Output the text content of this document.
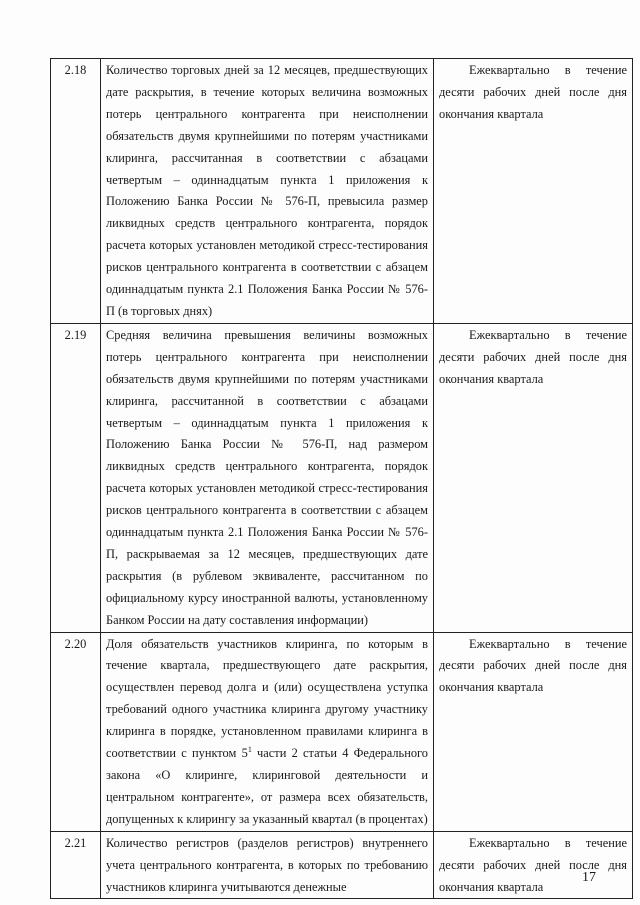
2.18	Количество торговых дней за 12 месяцев, предшествующих дате раскрытия, в течение которых величина возможных потерь центрального контрагента при неисполнении обязательств двумя крупнейшими по потерям участниками клиринга, рассчитанная в соответствии с абзацами четвертым – одиннадцатым пункта 1 приложения к Положению Банка России № 576-П, превысила размер ликвидных средств центрального контрагента, порядок расчета которых установлен методикой стресс-тестирования рисков центрального контрагента в соответствии с абзацем одиннадцатым пункта 2.1 Положения Банка России № 576-П (в торговых днях)	Ежеквартально в течение десяти рабочих дней после дня окончания квартала

2.19	Средняя величина превышения величины возможных потерь центрального контрагента при неисполнении обязательств двумя крупнейшими по потерям участниками клиринга, рассчитанной в соответствии с абзацами четвертым – одиннадцатым пункта 1 приложения к Положению Банка России № 576-П, над размером ликвидных средств центрального контрагента, порядок расчета которых установлен методикой стресс-тестирования рисков центрального контрагента в соответствии с абзацем одиннадцатым пункта 2.1 Положения Банка России № 576-П, раскрываемая за 12 месяцев, предшествующих дате раскрытия (в рублевом эквиваленте, рассчитанном по официальному курсу иностранной валюты, установленному Банком России на дату составления информации)	Ежеквартально в течение десяти рабочих дней после дня окончания квартала

2.20	Доля обязательств участников клиринга, по которым в течение квартала, предшествующего дате раскрытия, осуществлен перевод долга и (или) осуществлена уступка требований одного участника клиринга другому участнику клиринга в порядке, установленном правилами клиринга в соответствии с пунктом $5^1$ части 2 статьи 4 Федерального закона «О клиринге, клиринговой деятельности и центральном контрагенте», от размера всех обязательств, допущенных к клирингу за указанный квартал (в процентах)	Ежеквартально в течение десяти рабочих дней после дня окончания квартала

2.21	Количество регистров (разделов регистров) внутреннего учета центрального контрагента, в которых по требованию участников клиринга учитываются денежные	Ежеквартально в течение десяти рабочих дней после дня окончания квартала

17
